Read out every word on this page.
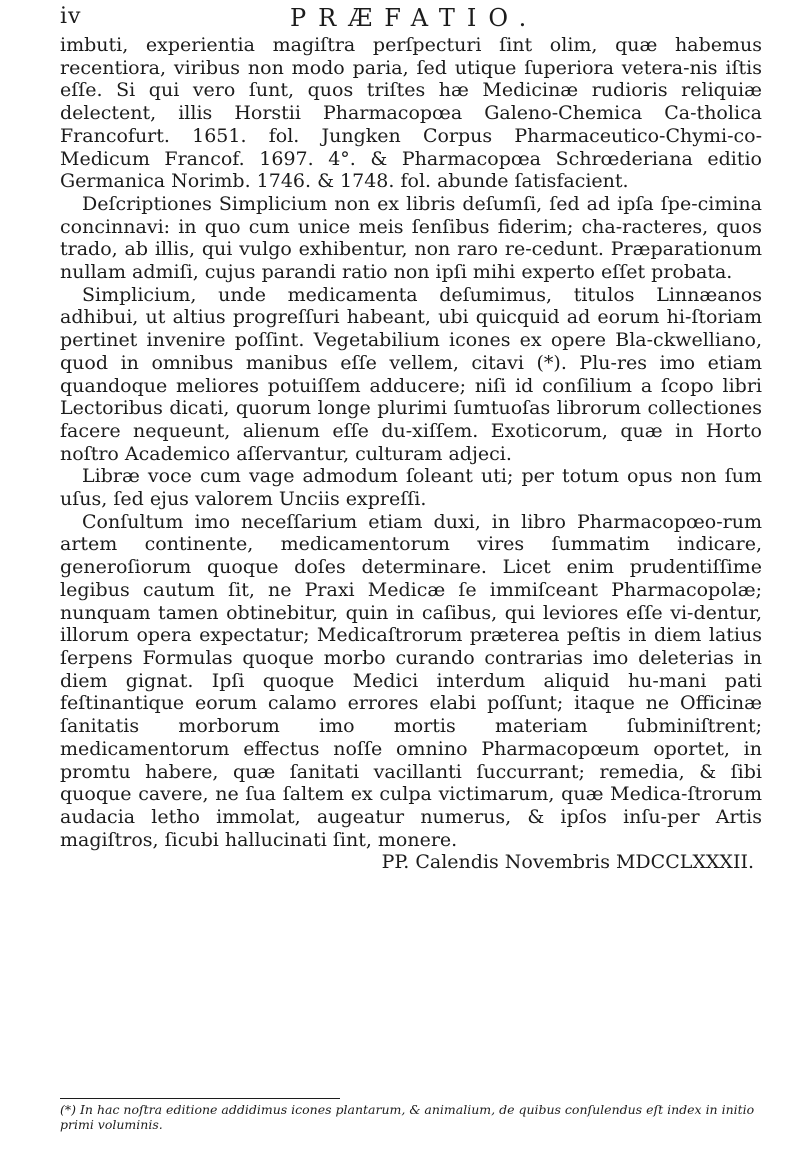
iv	PRÆFATIO.

imbuti, experientia magiſtra perſpecturi ſint olim, quæ habemus recentiora, viribus non modo paria, ſed utique ſuperiora vetera-nis iſtis eſſe. Si qui vero ſunt, quos triſtes hæ Medicinæ rudioris reliquiæ delectent, illis Horstii Pharmacopœa Galeno-Chemica Ca-tholica Francofurt. 1651. fol. Jungken Corpus Pharmaceutico-Chymi-co-Medicum Francof. 1697. 4°. & Pharmacopœa Schrœderiana editio Germanica Norimb. 1746. & 1748. fol. abunde ſatisfacient.

Deſcriptiones Simplicium non ex libris deſumſi, ſed ad ipſa ſpe-cimina concinnavi: in quo cum unice meis ſenſibus fiderim; cha-racteres, quos trado, ab illis, qui vulgo exhibentur, non raro re-cedunt. Præparationum nullam admiſi, cujus parandi ratio non ipſi mihi experto eſſet probata.

Simplicium, unde medicamenta deſumimus, titulos Linnæanos adhibui, ut altius progreſſuri habeant, ubi quicquid ad eorum hi-ſtoriam pertinet invenire poſſint. Vegetabilium icones ex opere Bla-ckwelliano, quod in omnibus manibus eſſe vellem, citavi (*). Plu-res imo etiam quandoque meliores potuiſſem adducere; niſi id conſilium a ſcopo libri Lectoribus dicati, quorum longe plurimi ſumtuoſas librorum collectiones facere nequeunt, alienum eſſe du-xiſſem. Exoticorum, quæ in Horto noſtro Academico aſſervantur, culturam adjeci.

Libræ voce cum vage admodum ſoleant uti; per totum opus non ſum uſus, ſed ejus valorem Unciis expreſſi.

Conſultum imo neceſſarium etiam duxi, in libro Pharmacopœo-rum artem continente, medicamentorum vires ſummatim indicare, generoſiorum quoque doſes determinare. Licet enim prudentiſſime legibus cautum ſit, ne Praxi Medicæ ſe immiſceant Pharmacopolæ; nunquam tamen obtinebitur, quin in caſibus, qui leviores eſſe vi-dentur, illorum opera expectatur; Medicaſtrorum præterea peſtis in diem latius ſerpens Formulas quoque morbo curando contrarias imo deleterias in diem gignat. Ipſi quoque Medici interdum aliquid hu-mani pati feſtinantique eorum calamo errores elabi poſſunt; itaque ne Officinæ ſanitatis morborum imo mortis materiam ſubminiſtrent; medicamentorum effectus noſſe omnino Pharmacopœum oportet, in promtu habere, quæ ſanitati vacillanti ſuccurrant; remedia, & ſibi quoque cavere, ne ſua ſaltem ex culpa victimarum, quæ Medica-ſtrorum audacia letho immolat, augeatur numerus, & ipſos inſu-per Artis magiſtros, ſicubi hallucinati ſint, monere.

PP. Calendis Novembris MDCCLXXXII.

(*) In hac noſtra editione addidimus icones plantarum, & animalium, de quibus conſulendus eſt index in initio primi voluminis.
